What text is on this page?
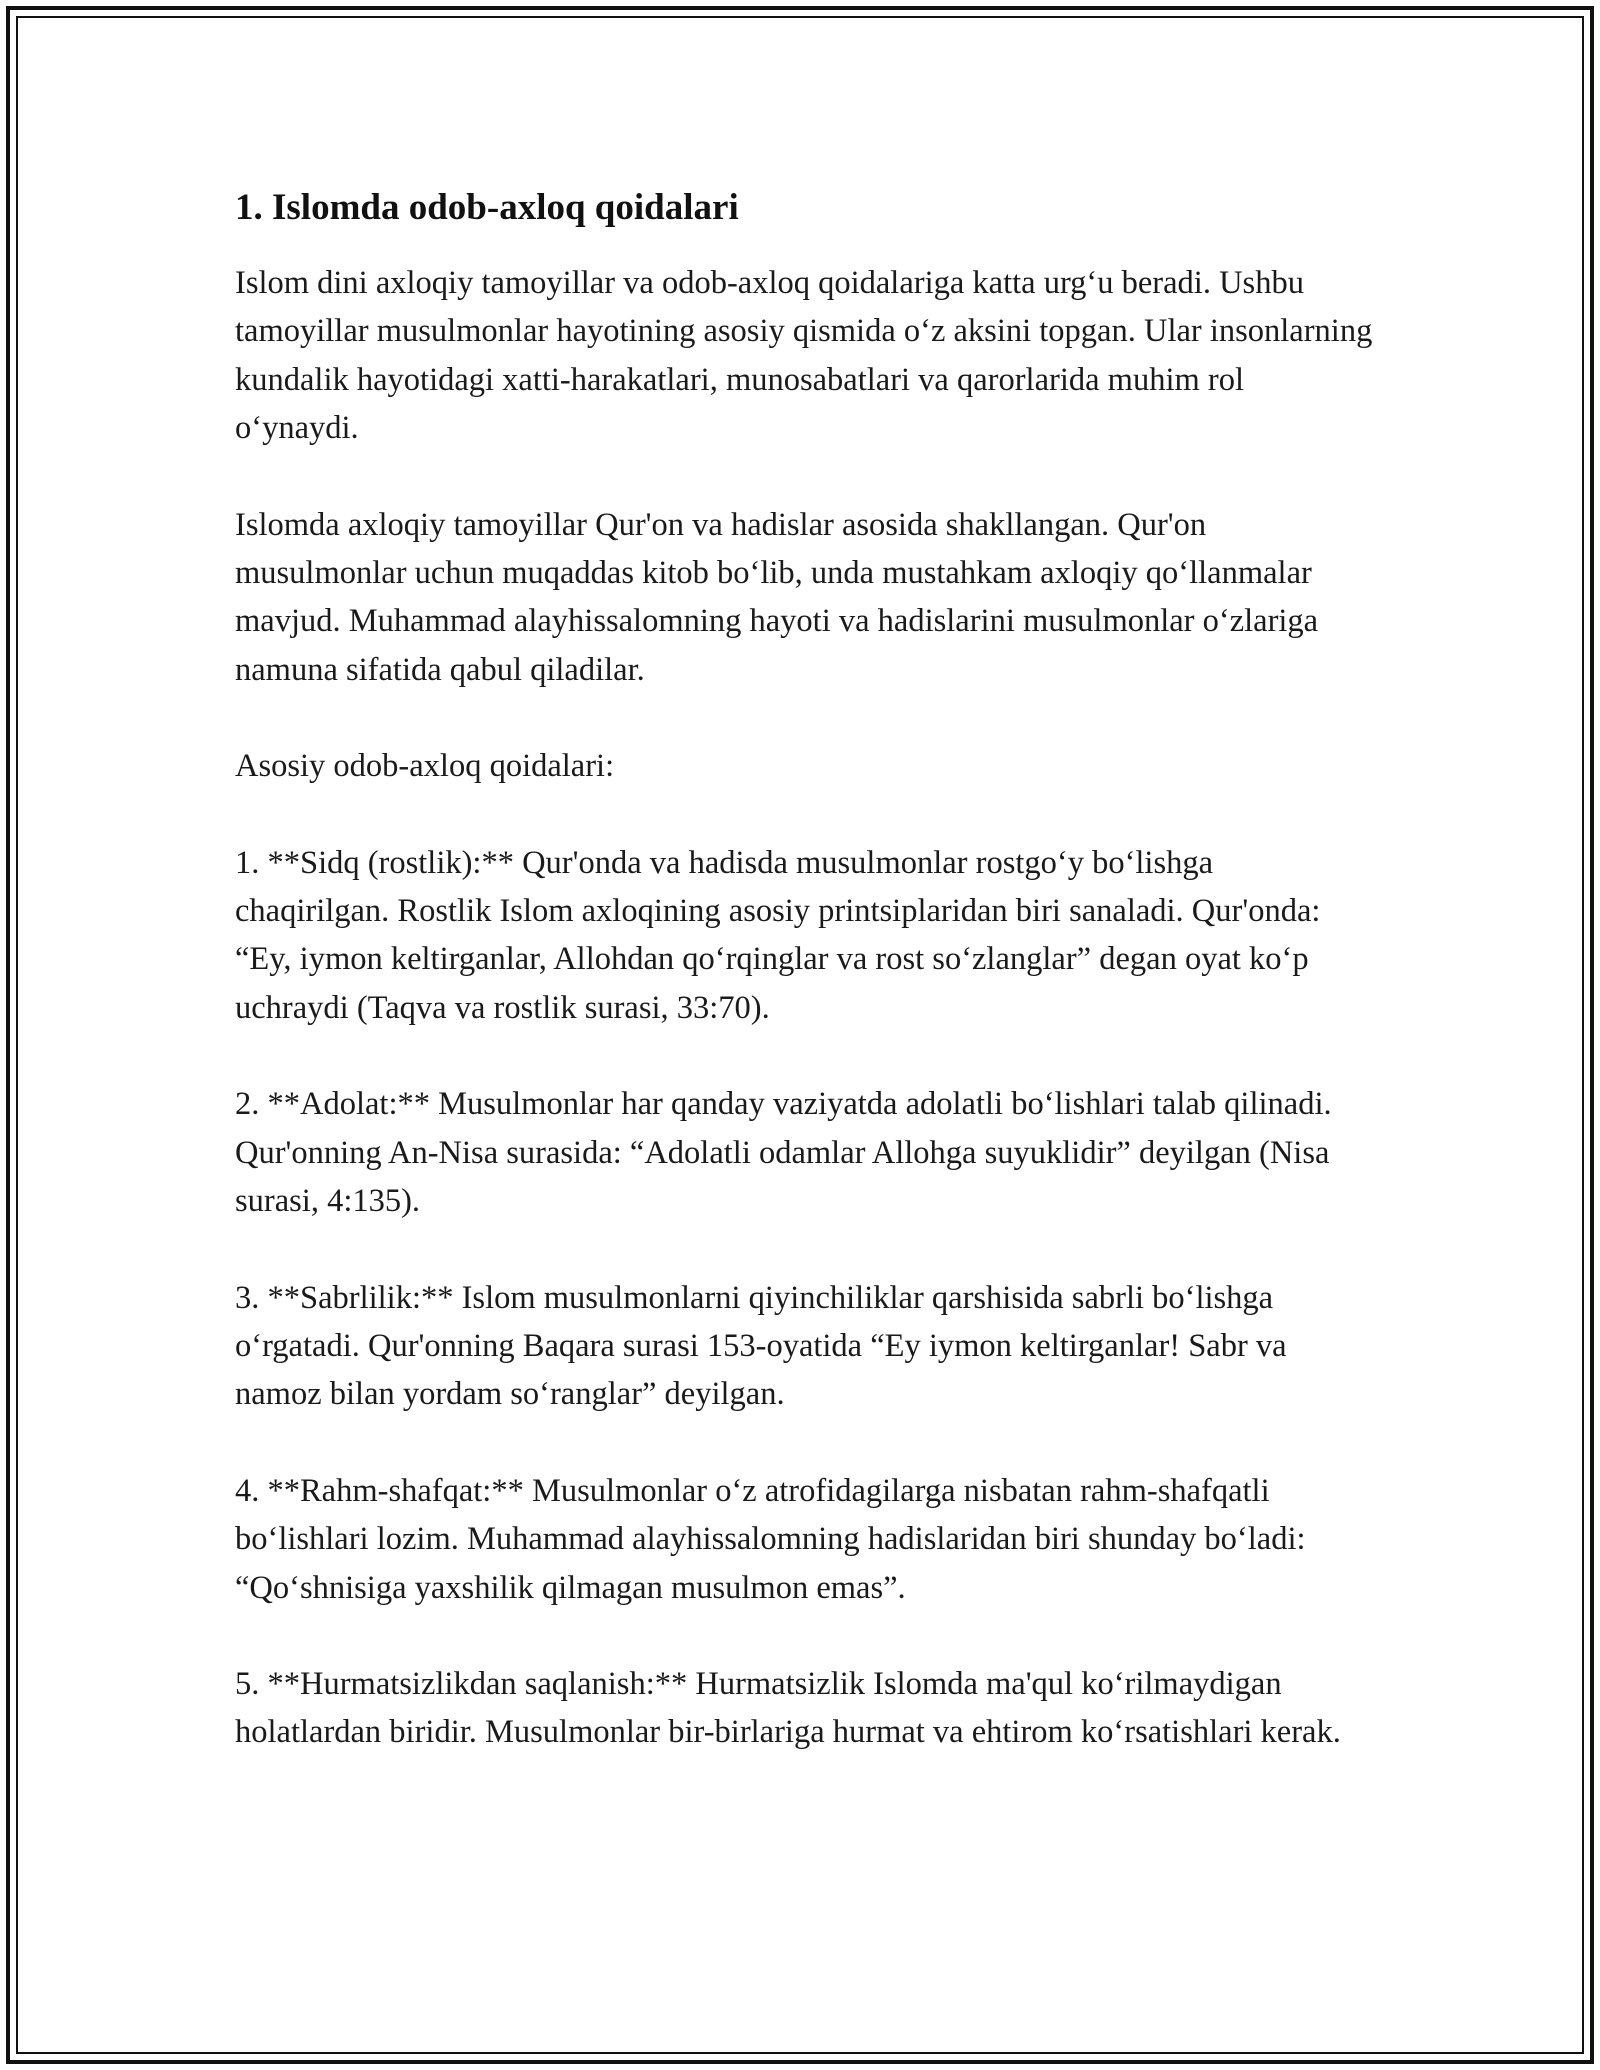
1. Islomda odob-axloq qoidalari

Islom dini axloqiy tamoyillar va odob-axloq qoidalariga katta urg‘u beradi. Ushbu tamoyillar musulmonlar hayotining asosiy qismida o‘z aksini topgan. Ular insonlarning kundalik hayotidagi xatti-harakatlari, munosabatlari va qarorlarida muhim rol o‘ynaydi.

Islomda axloqiy tamoyillar Qur'on va hadislar asosida shakllangan. Qur'on musulmonlar uchun muqaddas kitob bo‘lib, unda mustahkam axloqiy qo‘llanmalar mavjud. Muhammad alayhissalomning hayoti va hadislarini musulmonlar o‘zlariga namuna sifatida qabul qiladilar.

Asosiy odob-axloq qoidalari:

1. **Sidq (rostlik):** Qur'onda va hadisda musulmonlar rostgo‘y bo‘lishga chaqirilgan. Rostlik Islom axloqining asosiy printsiplaridan biri sanaladi. Qur'onda: “Ey, iymon keltirganlar, Allohdan qo‘rqinglar va rost so‘zlanglar” degan oyat ko‘p uchraydi (Taqva va rostlik surasi, 33:70).

2. **Adolat:** Musulmonlar har qanday vaziyatda adolatli bo‘lishlari talab qilinadi. Qur'onning An-Nisa surasida: “Adolatli odamlar Allohga suyuklidir” deyilgan (Nisa surasi, 4:135).

3. **Sabrlilik:** Islom musulmonlarni qiyinchiliklar qarshisida sabrli bo‘lishga o‘rgatadi. Qur'onning Baqara surasi 153-oyatida “Ey iymon keltirganlar! Sabr va namoz bilan yordam so‘ranglar” deyilgan.

4. **Rahm-shafqat:** Musulmonlar o‘z atrofidagilarga nisbatan rahm-shafqatli bo‘lishlari lozim. Muhammad alayhissalomning hadislaridan biri shunday bo‘ladi: “Qo‘shnisiga yaxshilik qilmagan musulmon emas”.

5. **Hurmatsizlikdan saqlanish:** Hurmatsizlik Islomda ma'qul ko‘rilmaydigan holatlardan biridir. Musulmonlar bir-birlariga hurmat va ehtirom ko‘rsatishlari kerak.
